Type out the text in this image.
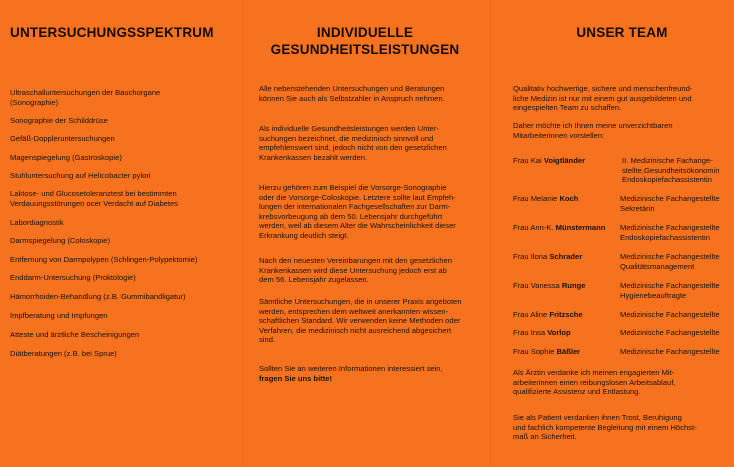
UNTERSUCHUNGSSPEKTRUM
Ultraschalluntersuchungen der Bauchorgane
(Sonographie)
Sonographie der Schilddrüse
Gefäß-Doppleruntersuchungen
Magenspiegelung (Gastroskopie)
Stuhluntersuchung auf Helicobacter pylori
Laktose- und Glucosetoleranztest bei bestimmten
Verdauungsstörungen ocer Verdacht auf Diabetes
Labordiagnostik
Darmspiegelung (Coloskopie)
Entfernung von Darmpolypen (Schlingen-Polypektomie)
Enddarm-Untersuchung (Proktologie)
Hämorrhoiden-Behandlung (z.B. Gummibandligatur)
Impfberatung und Impfungen
Atteste und ärztliche Bescheinigungen
Diätberatungen (z.B. bei Sprue)
INDIVIDUELLE
GESUNDHEITSLEISTUNGEN
Alle nebenstehenden Untersuchungen und Beratungen
können Sie auch als Selbstzahler in Anspruch nehmen.
Als individuelle Gesundheitsleistungen werden Unter-
suchungen bezeichnet, die medizinisch sinnvoll und
empfehlenswert sind, jedoch nicht von den gesetzlichen
Krankenkassen bezahlt werden.
Hierzu gehören zum Beispiel die Vorsorge-Sonographie
oder die Vorsorge-Coloskopie. Letztere sollte laut Empfeh-
lungen der internationalen Fachgesellschaften zur Darm-
krebsvorbeugung ab dem 50. Lebensjahr durchgeführt
werden, weil ab diesem Alter die Wahrscheinlichkeit dieser
Erkrankung deutlich steigt.
Nach den neuesten Vereinbarungen mit den gesetzlichen
Krankenkassen wird diese Untersuchung jedoch erst ab
dem 56. Lebensjahr zugelassen.
Sämtliche Untersuchungen, die in unserer Praxis angeboten
werden, entsprechen dem weltweit anerkannten wissen-
schaftlichen Standard. Wir verwenden keine Methoden oder
Verfahren, die medizinisch nicht ausreichend abgesichert
sind.
Sollten Sie an weiteren Informationen interessiert sein,
fragen Sie uns bitte!
UNSER TEAM
Qualitativ hochwertige, sichere und menschenfreund-
liche Medizin ist nur mit einem gut ausgebildeten und
eingespielten Team zu schaffen.
Daher möchte ich Ihnen meine unverzichtbaren
Mitarbeiterinnen vorstellen:
Frau Kai Voigtländer	II. Medizinische Fachange-
stellte,Gesundheitsökonomin
Endoskopiefachassistentin
Frau Melanie Koch	Medizinische Fachangestellte
Sekretärin
Frau Ann-K. Münstermann Medizinische Fachangestellte
Endoskopiefachassistentin
Frau Ilona Schrader	Medizinische Fachangestellte
Qualitätsmanagement
Frau Vanessa Runge	Medizinische Fachangestellte
Hygienebeauftragte
Frau Aline Fritzsche	Medizinische Fachangestellte
Frau Insa Vorlop	Medizinische Fachangestellte
Frau Sophie Bäßler	Medizinische Fachangestellte
Als Ärztin verdanke ich meinen engagierten Mit-
arbeiterinnen einen reibungslosen Arbeitsablauf,
qualifizierte Assistenz und Entlastung.
Sie als Patient verdanken ihnen Trost, Beruhigung
und fachlich kompetente Begleitung mit einem Höchst-
maß an Sicherheit.
